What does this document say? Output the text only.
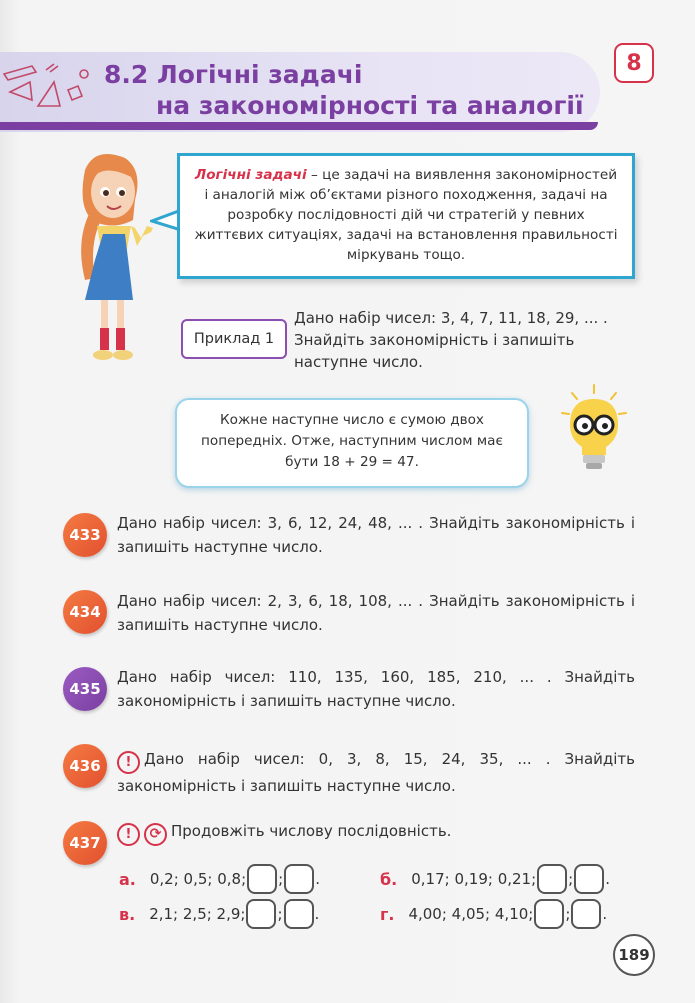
8.2 Логічні задачі
на закономірності та аналогії
8
Логічні задачі – це задачі на виявлення закономірностей і аналогій між об’єктами різного походження, задачі на розробку послідовності дій чи стратегій у певних життєвих ситуаціях, задачі на встановлення правильності міркувань тощо.
Приклад 1
Дано набір чисел: 3, 4, 7, 11, 18, 29, ... . Знайдіть закономірність і запишіть наступне число.
Кожне наступне число є сумою двох попередніх. Отже, наступним числом має бути 18 + 29 = 47.
433
Дано набір чисел: 3, 6, 12, 24, 48, ... . Знайдіть закономірність і запишіть наступне число.
434
Дано набір чисел: 2, 3, 6, 18, 108, ... . Знайдіть закономірність і запишіть наступне число.
435
Дано набір чисел: 110, 135, 160, 185, 210, ... . Знайдіть закономірність і запишіть наступне число.
436	! Дано набір чисел: 0, 3, 8, 15, 24, 35, ... . Знайдіть закономірність і запишіть наступне число.
437	! ⟳ Продовжіть числову послідовність.
а. 0,2; 0,5; 0,8; ; .	б. 0,17; 0,19; 0,21; ; .
в. 2,1; 2,5; 2,9; ; .	г. 4,00; 4,05; 4,10; ; .
189
